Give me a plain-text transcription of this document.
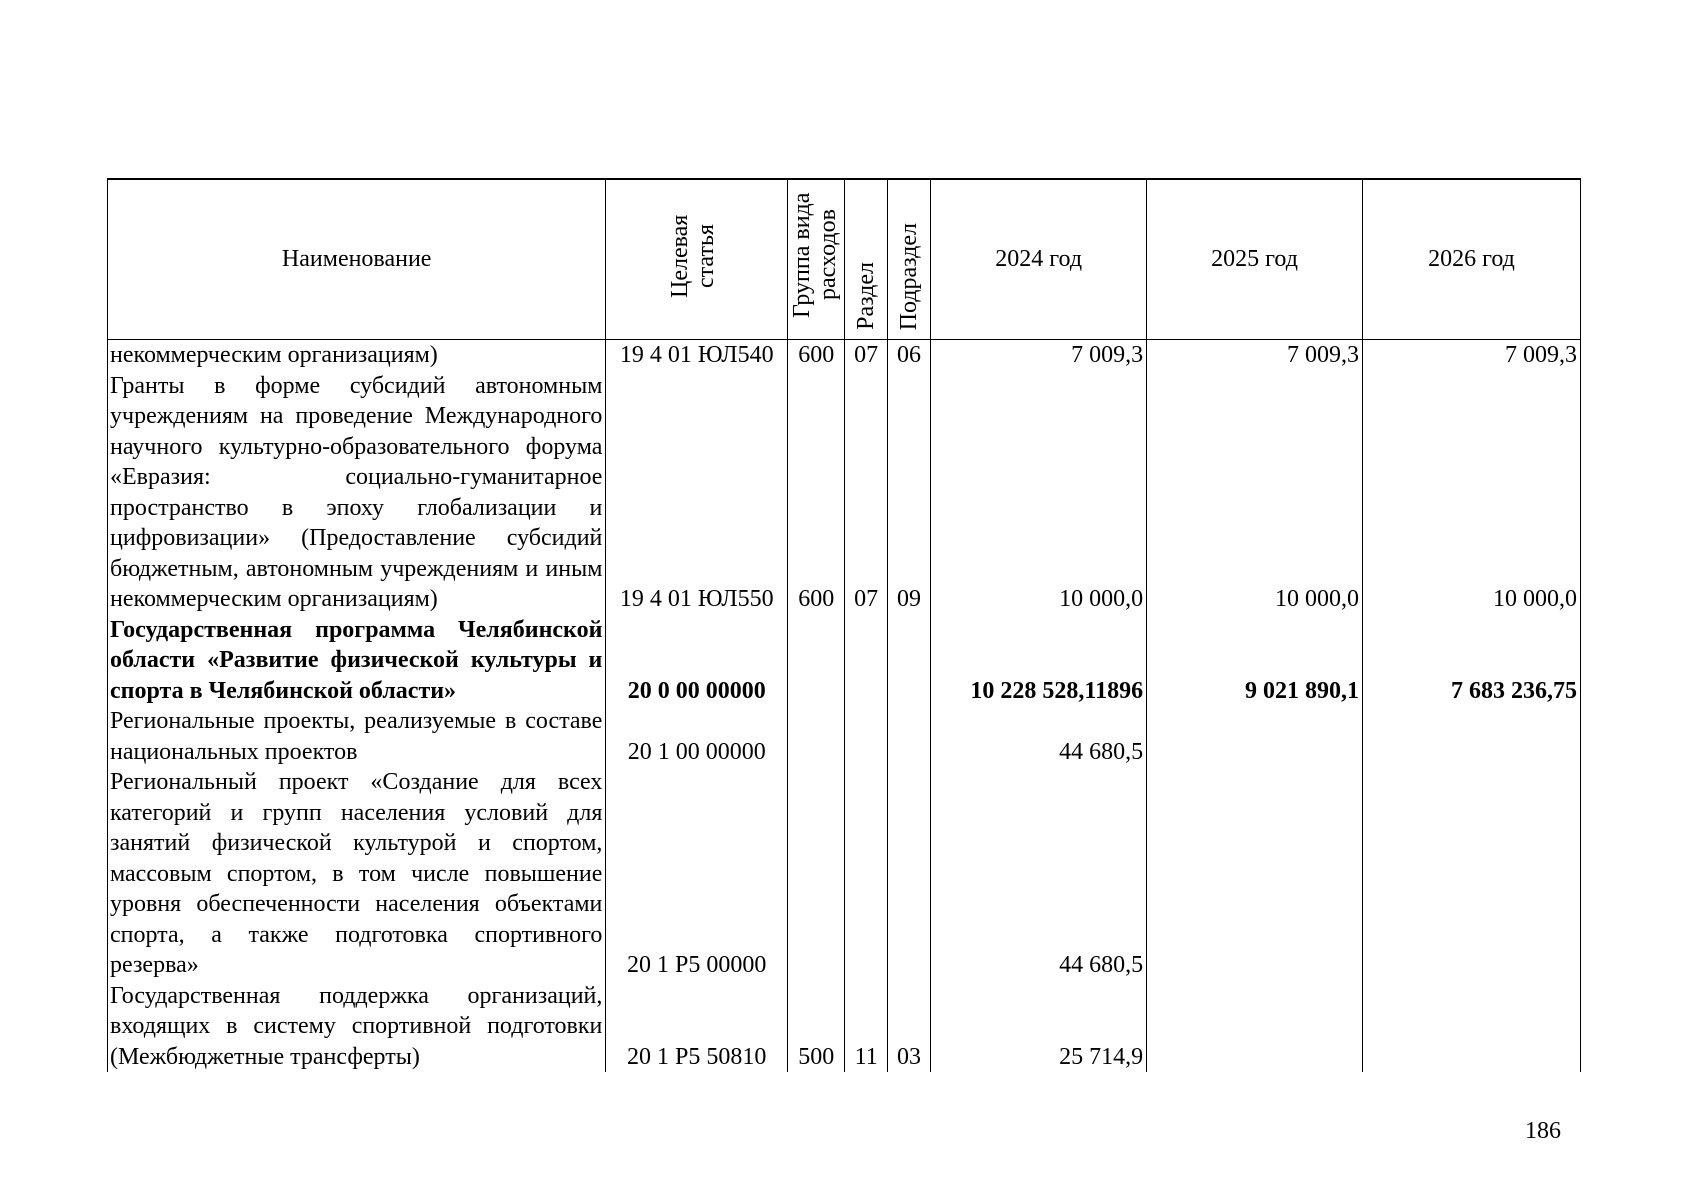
Наименование	Целевая статья	Группа вида расходов	Раздел	Подраздел	2024 год	2025 год	2026 год
некоммерческим организациям)	19 4 01 ЮЛ540	600	07	06	7 009,3	7 009,3	7 009,3
Гранты в форме субсидий автономным учреждениям на проведение Международного научного культурно-образовательного форума «Евразия: социально-гуманитарное пространство в эпоху глобализации и цифровизации» (Предоставление субсидий бюджетным, автономным учреждениям и иным некоммерческим организациям)	19 4 01 ЮЛ550	600	07	09	10 000,0	10 000,0	10 000,0
Государственная программа Челябинской области «Развитие физической культуры и спорта в Челябинской области»	20 0 00 00000				10 228 528,11896	9 021 890,1	7 683 236,75
Региональные проекты, реализуемые в составе национальных проектов	20 1 00 00000				44 680,5		
Региональный проект «Создание для всех категорий и групп населения условий для занятий физической культурой и спортом, массовым спортом, в том числе повышение уровня обеспеченности населения объектами спорта, а также подготовка спортивного резерва»	20 1 Р5 00000				44 680,5		
Государственная поддержка организаций, входящих в систему спортивной подготовки (Межбюджетные трансферты)	20 1 Р5 50810	500	11	03	25 714,9		
186
